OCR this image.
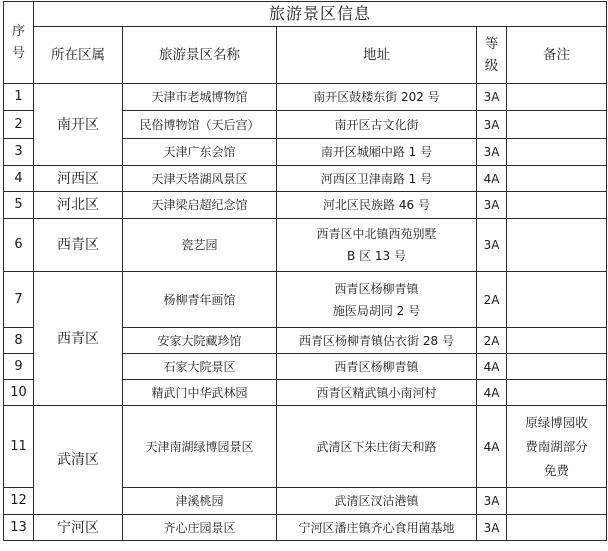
序
号	旅游景区信息				
	所在区属	旅游景区名称	地址	等
级	备注
1	南开区	天津市老城博物馆	南开区鼓楼东街 202 号	3A	
2		民俗博物馆（天后宫）	南开区古文化街	3A	
3		天津广东会馆	南开区城厢中路 1 号	3A	
4	河西区	天津天塔湖风景区	河西区卫津南路 1 号	4A	
5	河北区	天津梁启超纪念馆	河北区民族路 46 号	3A	
6	西青区	瓷艺园	西青区中北镇西苑别墅
B 区 13 号	3A	
7	西青区	杨柳青年画馆	西青区杨柳青镇
施医局胡同 2 号	2A	
8		安家大院藏珍馆	西青区杨柳青镇估衣街 28 号	2A	
9		石家大院景区	西青区杨柳青镇	4A	
10		精武门中华武林园	西青区精武镇小南河村	4A	
11	武清区	天津南湖绿博园景区	武清区下朱庄街天和路	4A	原绿博园收
费南湖部分
免费
12		津溪桃园	武清区汊沽港镇	3A	
13	宁河区	齐心庄园景区	宁河区潘庄镇齐心食用菌基地	3A	
